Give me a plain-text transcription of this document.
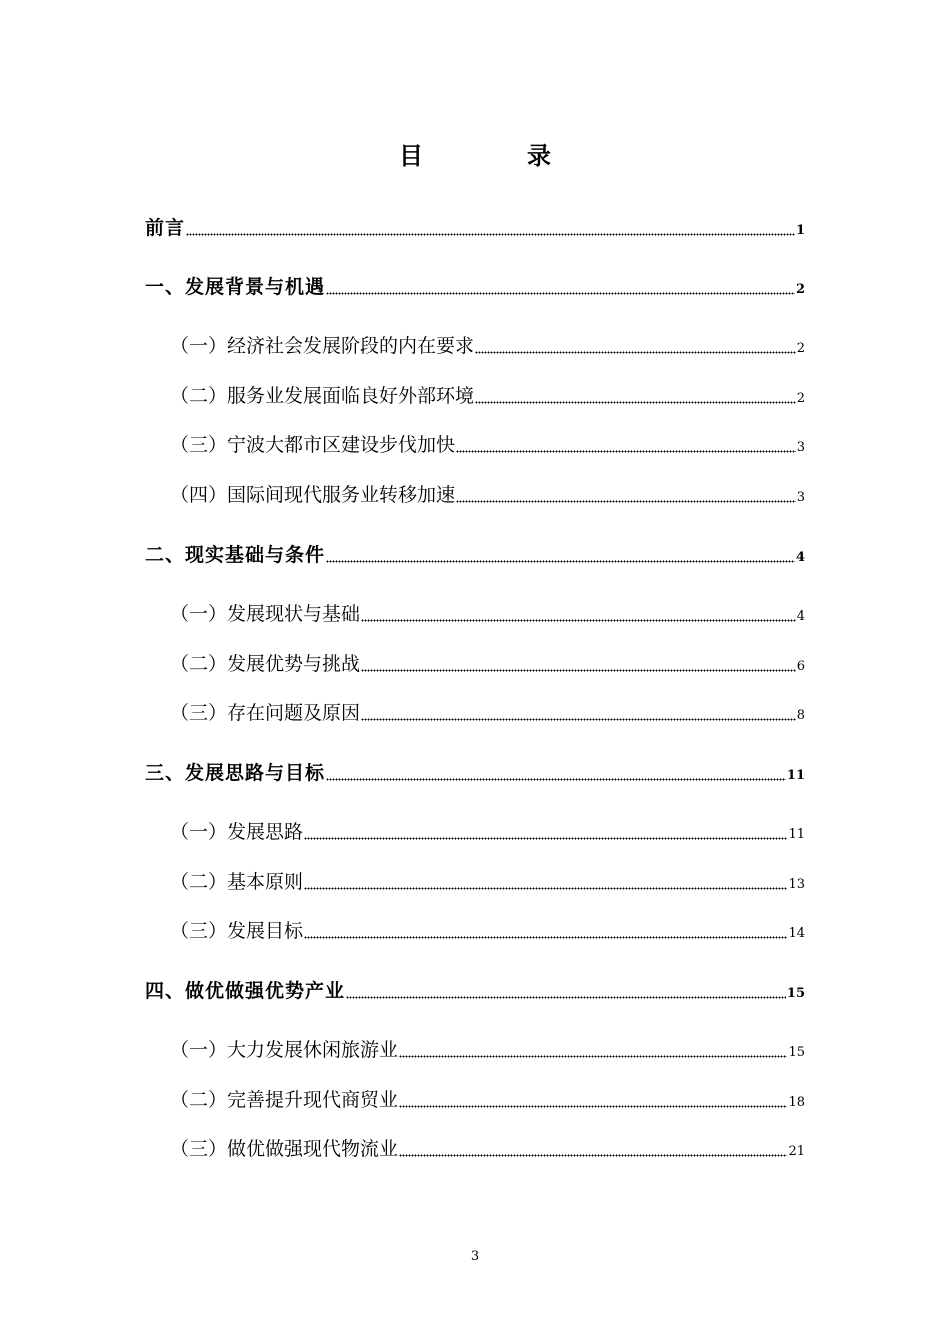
目　录
前言	1
一、发展背景与机遇	2
（一）经济社会发展阶段的内在要求	2
（二）服务业发展面临良好外部环境	2
（三）宁波大都市区建设步伐加快	3
（四）国际间现代服务业转移加速	3
二、现实基础与条件	4
（一）发展现状与基础	4
（二）发展优势与挑战	6
（三）存在问题及原因	8
三、发展思路与目标	11
（一）发展思路	11
（二）基本原则	13
（三）发展目标	14
四、做优做强优势产业	15
（一）大力发展休闲旅游业	15
（二）完善提升现代商贸业	18
（三）做优做强现代物流业	21
3
